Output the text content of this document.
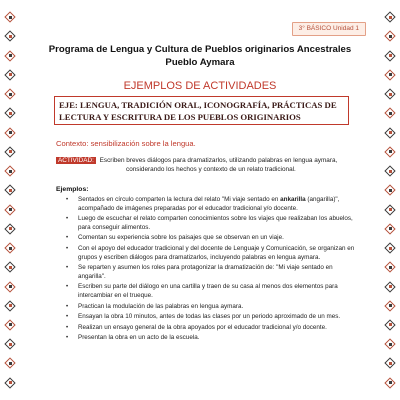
3° BÁSICO Unidad 1
Programa de Lengua y Cultura de Pueblos originarios Ancestrales
Pueblo Aymara
EJEMPLOS DE ACTIVIDADES
EJE: LENGUA, TRADICIÓN ORAL, ICONOGRAFÍA, PRÁCTICAS DE
LECTURA Y ESCRITURA DE LOS PUEBLOS ORIGINARIOS
Contexto: sensibilización sobre la lengua.
ACTIVIDAD: Escriben breves diálogos para dramatizarlos, utilizando palabras en lengua aymara,
considerando los hechos y contexto de un relato tradicional.
Ejemplos:
• Sentados en círculo comparten la lectura del relato "Mi viaje sentado en ankarilla (angarilla)", acompañado de imágenes preparadas por el educador tradicional y/o docente.
• Luego de escuchar el relato comparten conocimientos sobre los viajes que realizaban los abuelos, para conseguir alimentos.
• Comentan su experiencia sobre los paisajes que se observan en un viaje.
• Con el apoyo del educador tradicional y del docente de Lenguaje y Comunicación, se organizan en grupos y escriben diálogos para dramatizarlos, incluyendo palabras en lengua aymara.
• Se reparten y asumen los roles para protagonizar la dramatización de: "Mi viaje sentado en angarilla".
• Escriben su parte del diálogo en una cartilla y traen de su casa al menos dos elementos para intercambiar en el trueque.
• Practican la modulación de las palabras en lengua aymara.
• Ensayan la obra 10 minutos, antes de todas las clases por un periodo aproximado de un mes.
• Realizan un ensayo general de la obra apoyados por el educador tradicional y/o docente.
• Presentan la obra en un acto de la escuela.
